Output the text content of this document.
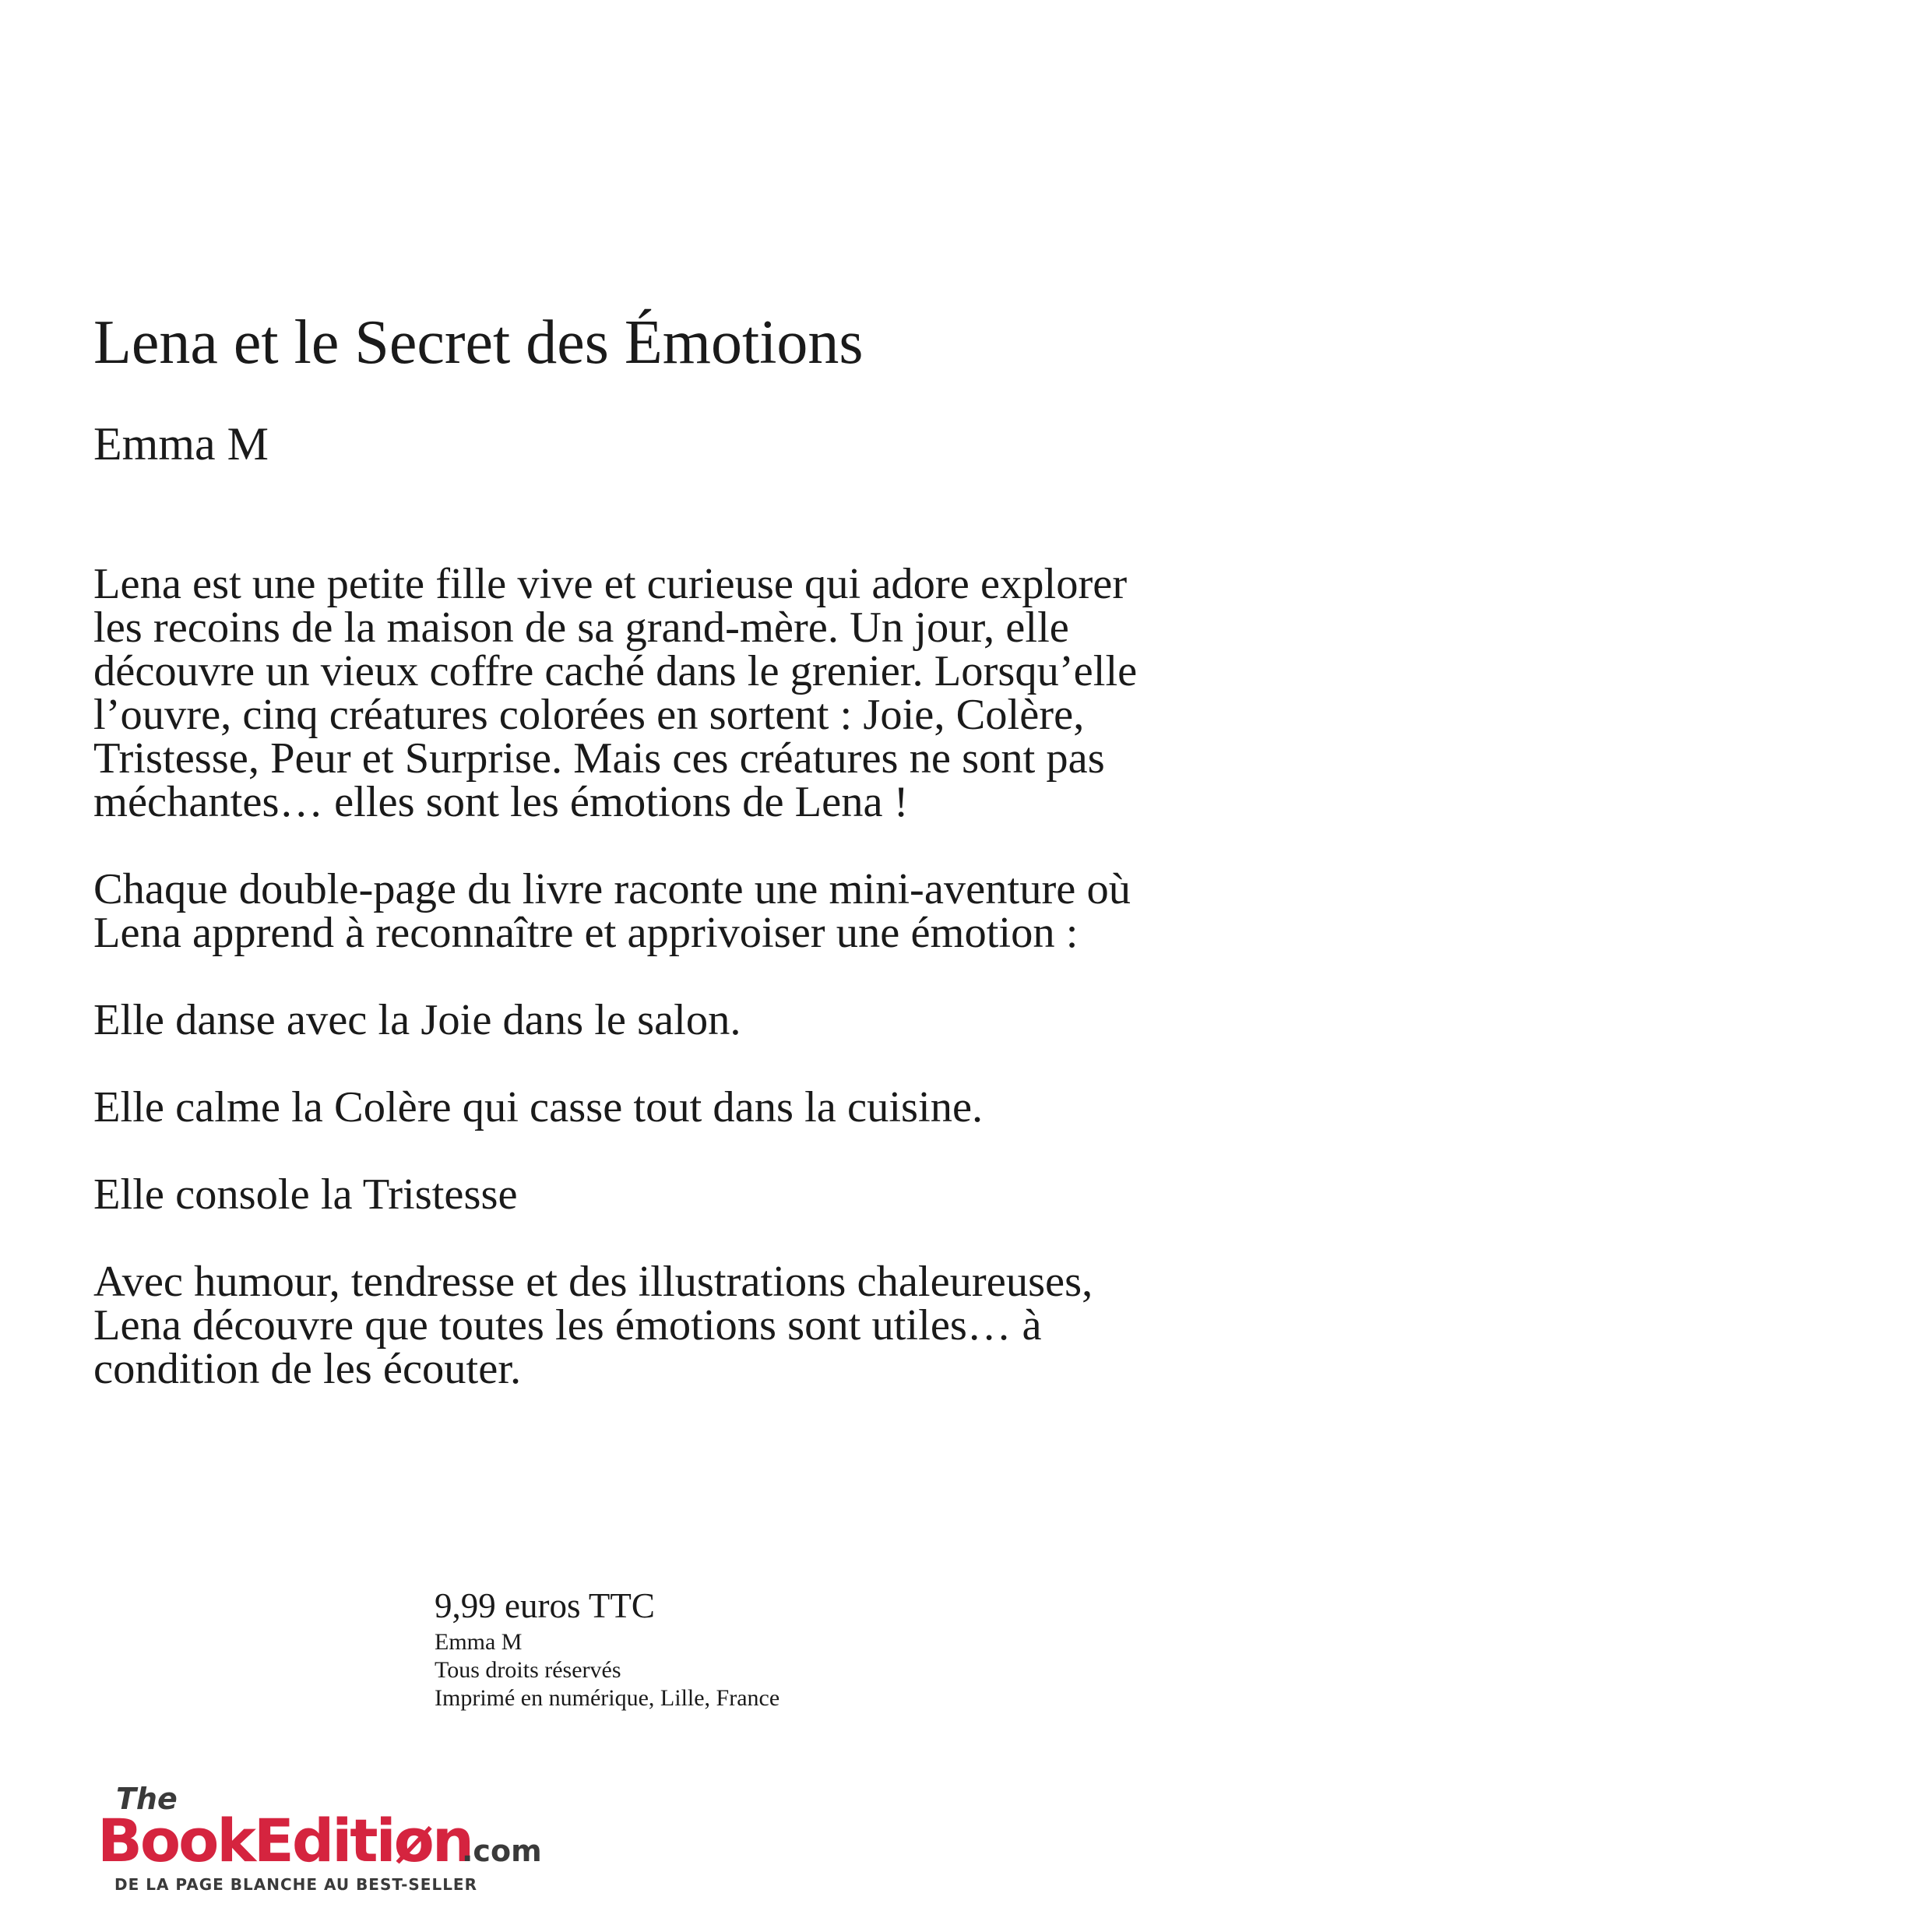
Lena et le Secret des Émotions
Emma M

Lena est une petite fille vive et curieuse qui adore explorer

les recoins de la maison de sa grand-mère. Un jour, elle

découvre un vieux coffre caché dans le grenier. Lorsqu’elle

l’ouvre, cinq créatures colorées en sortent : Joie, Colère,

Tristesse, Peur et Surprise. Mais ces créatures ne sont pas

méchantes… elles sont les émotions de Lena !

Chaque double-page du livre raconte une mini-aventure où

Lena apprend à reconnaître et apprivoiser une émotion :

Elle danse avec la Joie dans le salon.

Elle calme la Colère qui casse tout dans la cuisine.

Elle console la Tristesse

Avec humour, tendresse et des illustrations chaleureuses,

Lena découvre que toutes les émotions sont utiles… à

condition de les écouter.

9,99 euros TTC
Emma M
Tous droits réservés
Imprimé en numérique, Lille, France
The
BookEditiøn
.com
DE LA PAGE BLANCHE AU BEST-SELLER
